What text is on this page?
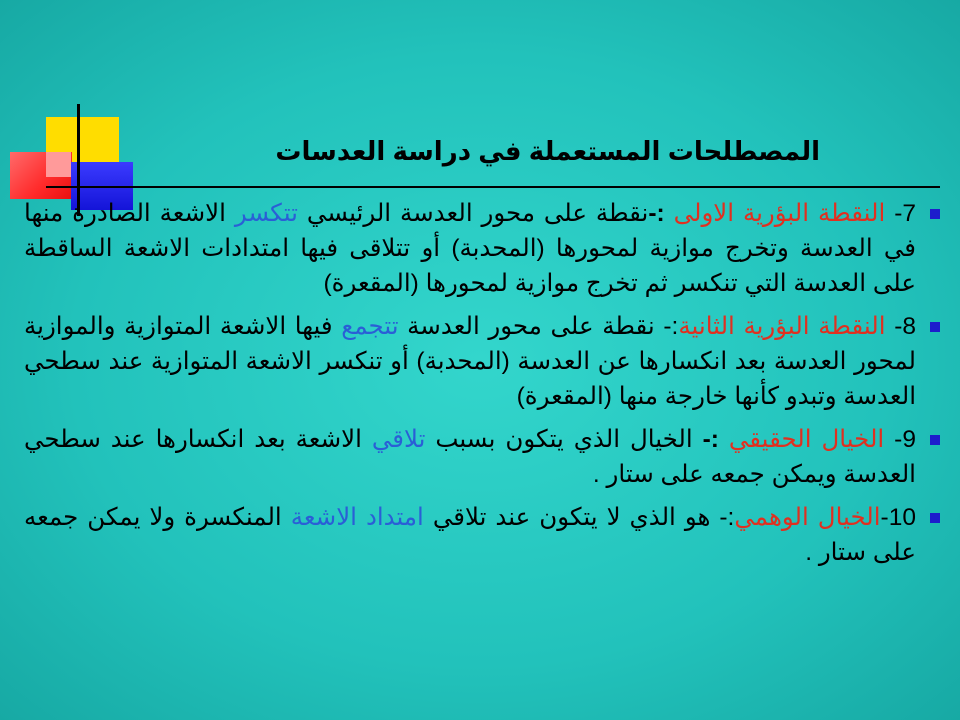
المصطلحات المستعملة في دراسة العدسات
7- النقطة البؤرية الاولى :-نقطة على محور العدسة الرئيسي تتكسر الاشعة الصادرة منها في العدسة وتخرج موازية لمحورها (المحدبة) أو تتلاقى فيها امتدادات الاشعة الساقطة على العدسة التي تنكسر ثم تخرج موازية لمحورها (المقعرة)
8- النقطة البؤرية الثانية:- نقطة على محور العدسة تتجمع فيها الاشعة المتوازية والموازية لمحور العدسة بعد انكسارها عن العدسة (المحدبة) أو تنكسر الاشعة المتوازية عند سطحي العدسة وتبدو كأنها خارجة منها (المقعرة)
9- الخيال الحقيقي :- الخيال الذي يتكون بسبب تلاقي الاشعة بعد انكسارها عند سطحي العدسة ويمكن جمعه على ستار .
10-الخيال الوهمي:- هو الذي لا يتكون عند تلاقي امتداد الاشعة المنكسرة ولا يمكن جمعه على ستار .
